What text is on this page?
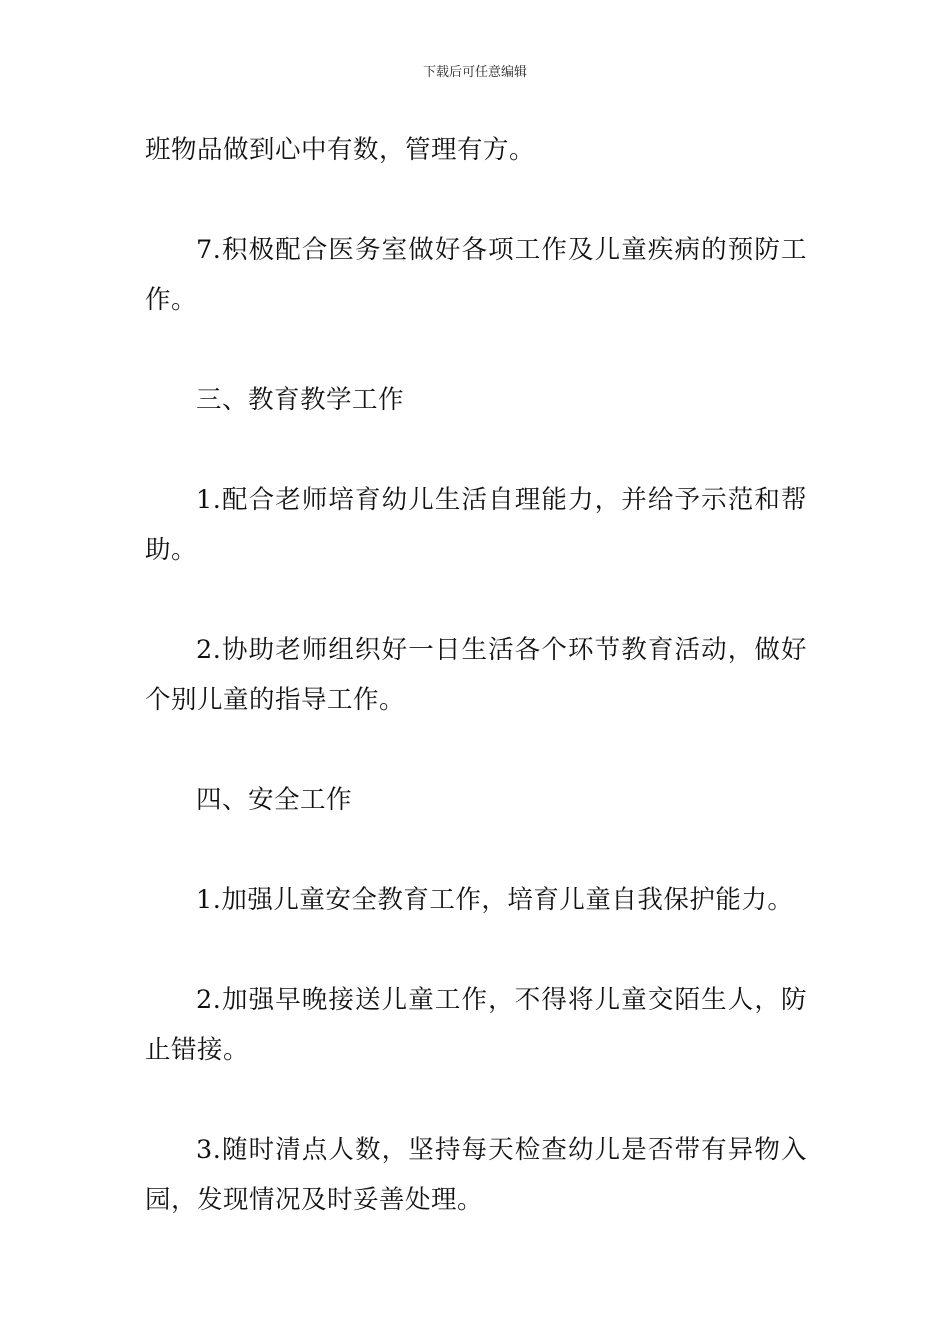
下载后可任意编辑

班物品做到心中有数，管理有方。

7.积极配合医务室做好各项工作及儿童疾病的预防工作。

三、教育教学工作

1.配合老师培育幼儿生活自理能力，并给予示范和帮助。

2.协助老师组织好一日生活各个环节教育活动，做好个别儿童的指导工作。

四、安全工作

1.加强儿童安全教育工作，培育儿童自我保护能力。

2.加强早晚接送儿童工作，不得将儿童交陌生人，防止错接。

3.随时清点人数，坚持每天检查幼儿是否带有异物入园，发现情况及时妥善处理。
